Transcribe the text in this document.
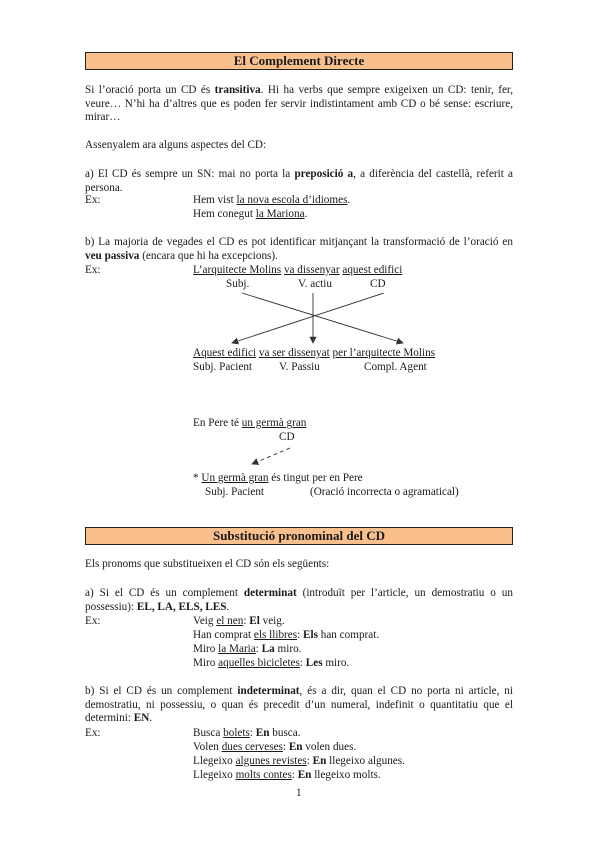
El Complement Directe
Si l’oració porta un CD és transitiva. Hi ha verbs que sempre exigeixen un CD: tenir, fer, veure… N’hi ha d’altres que es poden fer servir indistintament amb CD o bé sense: escriure, mirar…
Assenyalem ara alguns aspectes del CD:
a) El CD és sempre un SN: mai no porta la preposició a, a diferència del castellà, referit a persona.
Ex:	Hem vist la nova escola d’idiomes.
Hem conegut la Mariona.
b) La majoria de vegades el CD es pot identificar mitjançant la transformació de l’oració en veu passiva (encara que hi ha excepcions).
Ex:	L’arquitecte Molins va dissenyar aquest edifici
Subj.	V. actiu	CD
Aquest edifici va ser dissenyat per l’arquitecte Molins
Subj. Pacient V. Passiu	Compl. Agent
En Pere té un germà gran
CD
* Un germà gran és tingut per en Pere
Subj. Pacient	(Oració incorrecta o agramatical)
Substitució pronominal del CD
Els pronoms que substitueixen el CD són els següents:
a) Si el CD és un complement determinat (introduït per l’article, un demostratiu o un possessiu): EL, LA, ELS, LES.
Ex:	Veig el nen: El veig.
Han comprat els llibres: Els han comprat.
Miro la Maria: La miro.
Miro aquelles bicicletes: Les miro.
b) Si el CD és un complement indeterminat, és a dir, quan el CD no porta ni article, ni demostratiu, ni possessiu, o quan és precedit d’un numeral, indefinit o quantitatiu que el determini: EN.
Ex:	Busca bolets: En busca.
Volen dues cerveses: En volen dues.
Llegeixo algunes revistes: En llegeixo algunes.
Llegeixo molts contes: En llegeixo molts.
1
